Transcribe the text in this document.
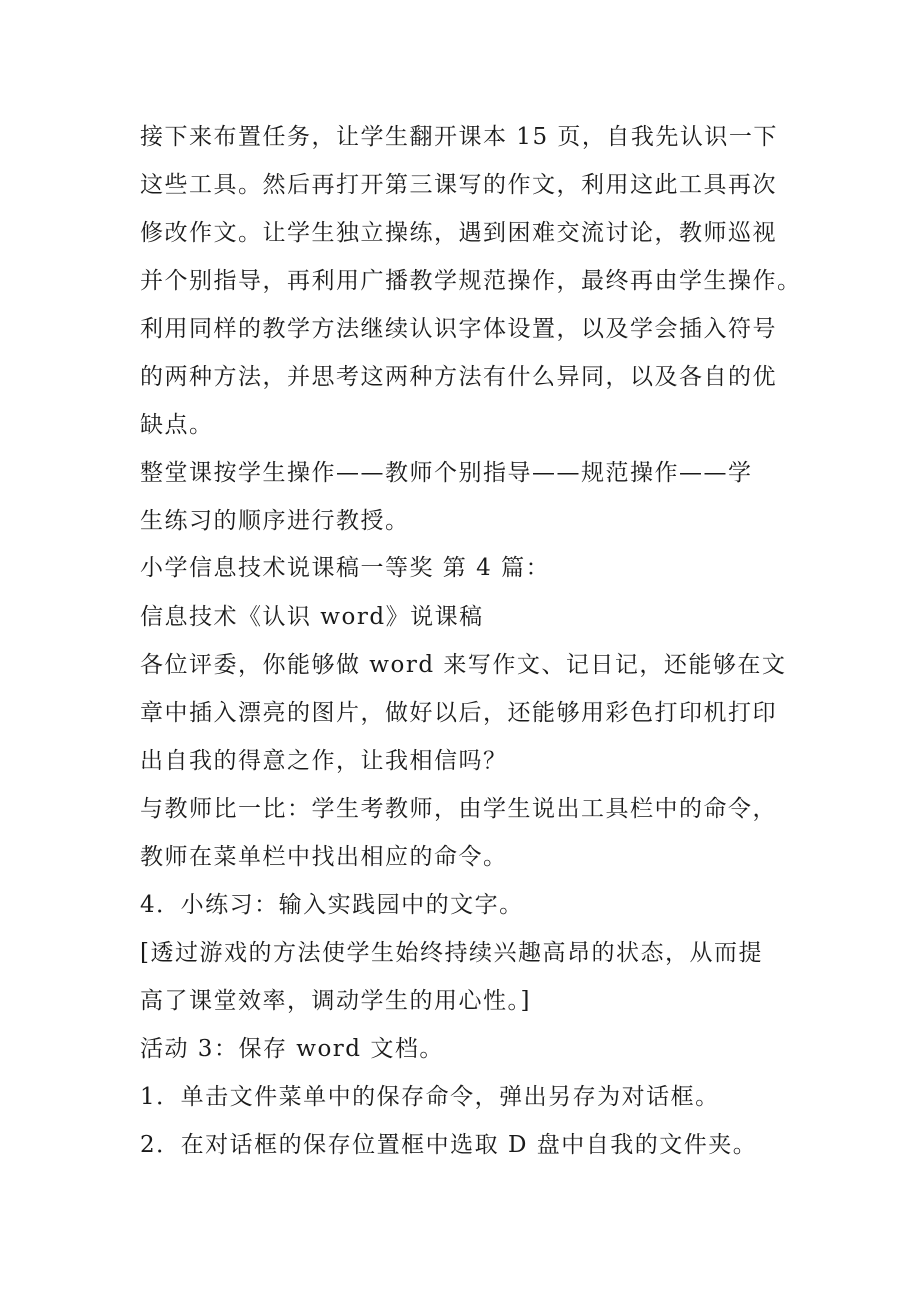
接下来布置任务，让学生翻开课本 15 页，自我先认识一下
这些工具。然后再打开第三课写的作文，利用这此工具再次
修改作文。让学生独立操练，遇到困难交流讨论，教师巡视
并个别指导，再利用广播教学规范操作，最终再由学生操作。
利用同样的教学方法继续认识字体设置，以及学会插入符号
的两种方法，并思考这两种方法有什么异同，以及各自的优
缺点。
整堂课按学生操作——教师个别指导——规范操作——学
生练习的顺序进行教授。
小学信息技术说课稿一等奖 第 4 篇：
信息技术《认识 word》说课稿
各位评委，你能够做 word 来写作文、记日记，还能够在文
章中插入漂亮的图片，做好以后，还能够用彩色打印机打印
出自我的得意之作，让我相信吗？
与教师比一比：学生考教师，由学生说出工具栏中的命令，
教师在菜单栏中找出相应的命令。
4．小练习：输入实践园中的文字。
[透过游戏的方法使学生始终持续兴趣高昂的状态，从而提
高了课堂效率，调动学生的用心性。]
活动 3：保存 word 文档。
1．单击文件菜单中的保存命令，弹出另存为对话框。
2．在对话框的保存位置框中选取 D 盘中自我的文件夹。
